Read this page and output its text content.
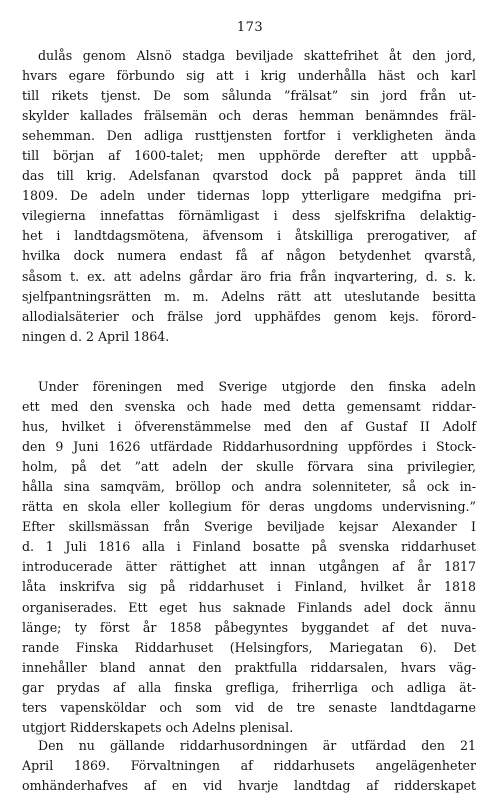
173
dulås genom Alsnö stadga beviljade skattefrihet åt den jord,
hvars egare förbundo sig att i krig underhålla häst och karl
till rikets tjenst. De som sålunda ”frälsat” sin jord från ut-
skylder kallades frälsemän och deras hemman benämndes fräl-
sehemman. Den adliga rusttjensten fortfor i verkligheten ända
till början af 1600-talet; men upphörde derefter att uppbå-
das till krig. Adelsfanan qvarstod dock på pappret ända till
1809. De adeln under tidernas lopp ytterligare medgifna pri-
vilegierna innefattas förnämligast i dess sjelfskrifna delaktig-
het i landtdagsmötena, äfvensom i åtskilliga prerogativer, af
hvilka dock numera endast få af någon betydenhet qvarstå,
såsom t. ex. att adelns gårdar äro fria från inqvartering, d. s. k.
sjelfpantningsrätten m. m. Adelns rätt att uteslutande besitta
allodialsäterier och frälse jord upphäfdes genom kejs. förord-
ningen d. 2 April 1864.
Under föreningen med Sverige utgjorde den finska adeln
ett med den svenska och hade med detta gemensamt riddar-
hus, hvilket i öfverenstämmelse med den af Gustaf II Adolf
den 9 Juni 1626 utfärdade Riddarhusordning uppfördes i Stock-
holm, på det ”att adeln der skulle förvara sina privilegier,
hålla sina samqväm, bröllop och andra solenniteter, så ock in-
rätta en skola eller kollegium för deras ungdoms undervisning.”
Efter skillsmässan från Sverige beviljade kejsar Alexander I
d. 1 Juli 1816 alla i Finland bosatte på svenska riddarhuset
introducerade ätter rättighet att innan utgången af år 1817
låta inskrifva sig på riddarhuset i Finland, hvilket år 1818
organiserades. Ett eget hus saknade Finlands adel dock ännu
länge; ty först år 1858 påbegyntes byggandet af det nuva-
rande Finska Riddarhuset (Helsingfors, Mariegatan 6). Det
innehåller bland annat den praktfulla riddarsalen, hvars väg-
gar prydas af alla finska grefliga, friherrliga och adliga ät-
ters vapensköldar och som vid de tre senaste landtdagarne
utgjort Ridderskapets och Adelns plenisal.
Den nu gällande riddarhusordningen är utfärdad den 21
April 1869. Förvaltningen af riddarhusets angelägenheter
omhänderhafves af en vid hvarje landtdag af ridderskapet
